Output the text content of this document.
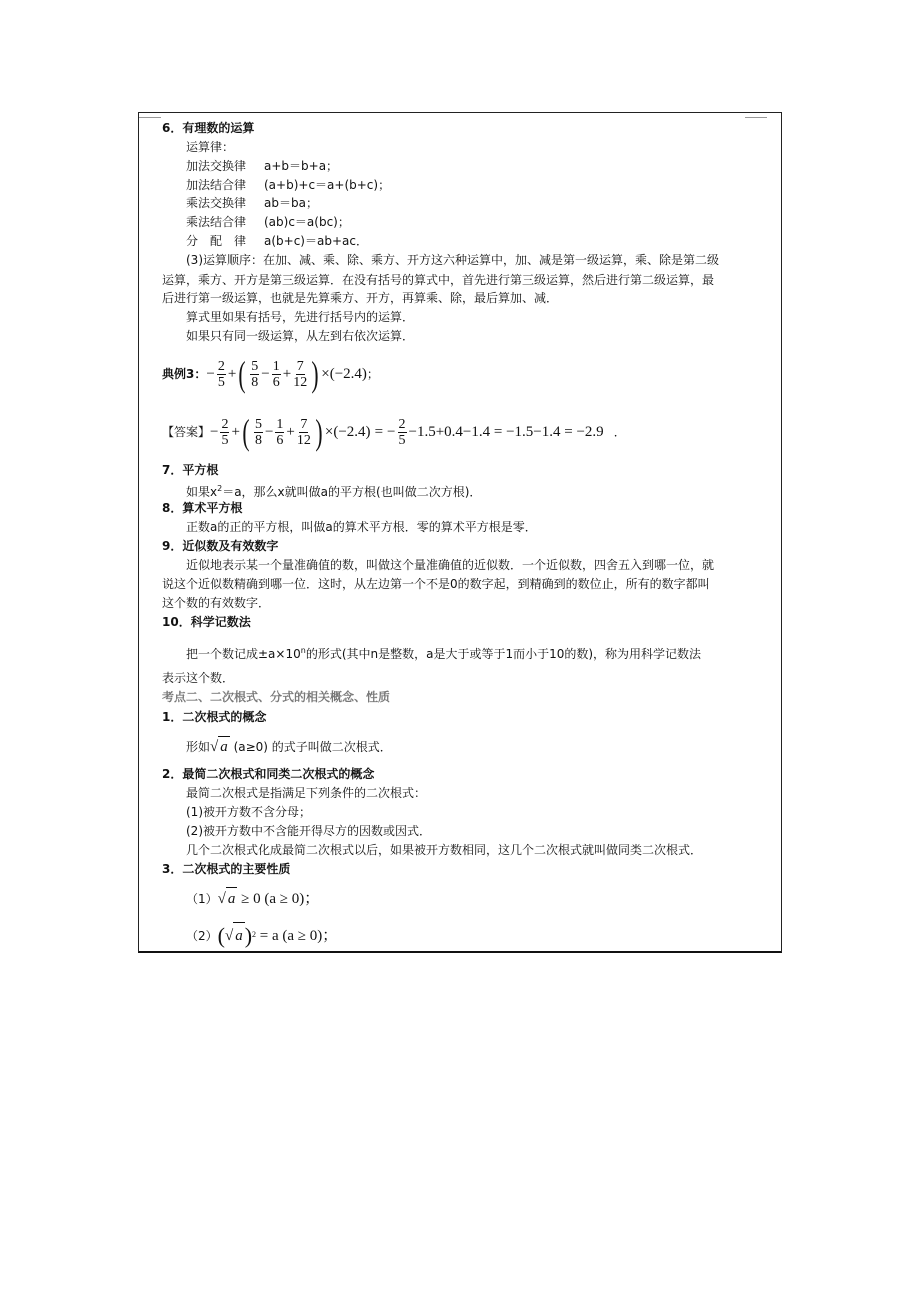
6．有理数的运算
运算律：
加法交换律 a+b＝b+a；
加法结合律 (a+b)+c＝a+(b+c)；
乘法交换律 ab＝ba；
乘法结合律 (ab)c＝a(bc)；
分　配　律 a(b+c)＝ab+ac．
(3)运算顺序：在加、减、乘、除、乘方、开方这六种运算中，加、减是第一级运算，乘、除是第二级
运算，乘方、开方是第三级运算．在没有括号的算式中，首先进行第三级运算，然后进行第二级运算，最
后进行第一级运算，也就是先算乘方、开方，再算乘、除，最后算加、减．
算式里如果有括号，先进行括号内的运算．
如果只有同一级运算，从左到右依次运算．
典例3： − $\frac{2}{5}$ + ( $\frac{5}{8} - \frac{1}{6} + \frac{7}{12}$ ) ×(−2.4) ；
【答案】 − $\frac{2}{5}$ + ( $\frac{5}{8} - \frac{1}{6} + \frac{7}{12}$ ) ×(−2.4) = − $\frac{2}{5} -1.5+0.4-1.4 = -1.5-1.4 = -2.9$ ．
7．平方根
如果$x^2=a$，那么x就叫做a的平方根(也叫做二次方根)．
8．算术平方根
正数a的正的平方根，叫做a的算术平方根．零的算术平方根是零．
9．近似数及有效数字
近似地表示某一个量准确值的数，叫做这个量准确值的近似数．一个近似数，四舍五入到哪一位，就
说这个近似数精确到哪一位．这时，从左边第一个不是0的数字起，到精确到的数位止，所有的数字都叫
这个数的有效数字．
10．科学记数法
把一个数记成$\pm a\times 10^n$的形式(其中n是整数，a是大于或等于1而小于10的数)，称为用科学记数法
表示这个数．
考点二、二次根式、分式的相关概念、性质
1．二次根式的概念
形如 √ a (a≥0) 的式子叫做二次根式．
2．最简二次根式和同类二次根式的概念
最简二次根式是指满足下列条件的二次根式：
(1)被开方数不含分母；
(2)被开方数中不含能开得尽方的因数或因式．
几个二次根式化成最简二次根式以后，如果被开方数相同，这几个二次根式就叫做同类二次根式．
3．二次根式的主要性质
（1） √ a
≥ 0 (a ≥ 0)；
（2） ( √ a ) 2
= a (a ≥ 0)；
